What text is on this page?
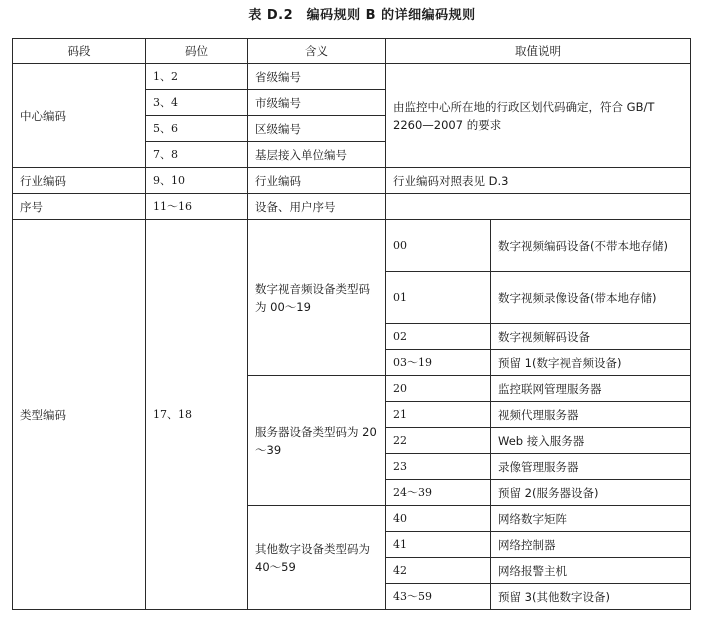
表 D.2　编码规则 B 的详细编码规则
码段	码位	含义	取值说明	
中心编码	1、2	省级编号	由监控中心所在地的行政区划代码确定，符合 GB/T 2260—2007 的要求	
	3、4	市级编号		
	5、6	区级编号		
	7、8	基层接入单位编号		
行业编码	9、10	行业编码	行业编码对照表见 D.3	
序号	11～16	设备、用户序号		
类型编码	17、18	数字视音频设备类型码为 00～19	00	数字视频编码设备(不带本地存储)
			01	数字视频录像设备(带本地存储)
			02	数字视频解码设备
			03～19	预留 1(数字视音频设备)
		服务器设备类型码为 20～39	20	监控联网管理服务器
			21	视频代理服务器
			22	Web 接入服务器
			23	录像管理服务器
			24～39	预留 2(服务器设备)
		其他数字设备类型码为 40～59	40	网络数字矩阵
			41	网络控制器
			42	网络报警主机
			43～59	预留 3(其他数字设备)
